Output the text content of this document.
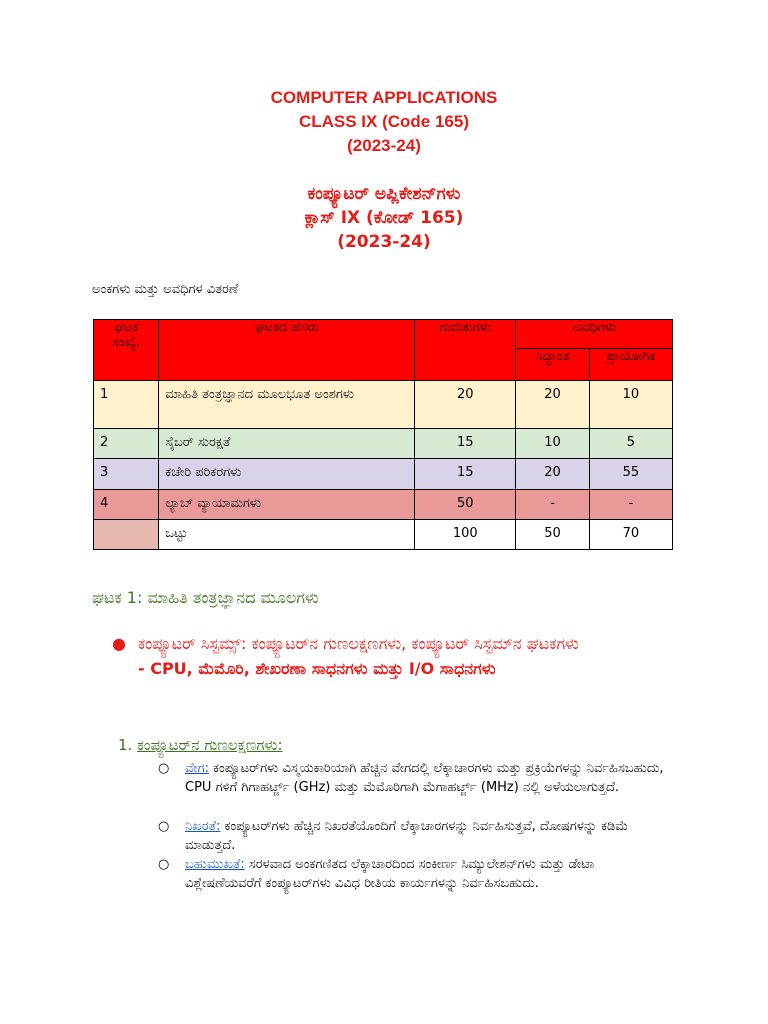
COMPUTER APPLICATIONS
CLASS IX (Code 165)
(2023-24)
ಕಂಪ್ಯೂಟರ್ ಅಪ್ಲಿಕೇಶನ್‌ಗಳು
ಕ್ಲಾಸ್ IX (ಕೋಡ್ 165)
(2023-24)
ಅಂಕಗಳು ಮತ್ತು ಅವಧಿಗಳ ವಿತರಣೆ
ಘಟಕ ಸಂಖ್ಯೆ.	ಘಟಕದ ಹೆಸರು	ಗುರುತುಗಳು	ಅವಧಿಗಳು	
			ಸಿದ್ಧಾಂತ	ಪ್ರಾಯೋಗಿಕ
1	ಮಾಹಿತಿ ತಂತ್ರಜ್ಞಾನದ ಮೂಲಭೂತ ಅಂಶಗಳು	20	20	10
2	ಸೈಬರ್ ಸುರಕ್ಷತೆ	15	10	5
3	ಕಚೇರಿ ಪರಿಕರಗಳು	15	20	55
4	ಲ್ಯಾಬ್ ವ್ಯಾಯಾಮಗಳು	50	-	-
	ಒಟ್ಟು	100	50	70
ಘಟಕ 1: ಮಾಹಿತಿ ತಂತ್ರಜ್ಞಾನದ ಮೂಲಗಳು
● ಕಂಪ್ಯೂಟರ್ ಸಿಸ್ಟಮ್ಸ್: ಕಂಪ್ಯೂಟರ್‌ನ ಗುಣಲಕ್ಷಣಗಳು, ಕಂಪ್ಯೂಟರ್ ಸಿಸ್ಟಮ್‌ನ ಘಟಕಗಳು
- CPU, ಮೆಮೊರಿ, ಶೇಖರಣಾ ಸಾಧನಗಳು ಮತ್ತು I/O ಸಾಧನಗಳು
1. ಕಂಪ್ಯೂಟರ್‌ನ ಗುಣಲಕ್ಷಣಗಳು:
○ ವೇಗ: ಕಂಪ್ಯೂಟರ್‌ಗಳು ವಿಸ್ಮಯಕಾರಿಯಾಗಿ ಹೆಚ್ಚಿನ ವೇಗದಲ್ಲಿ ಲೆಕ್ಕಾಚಾರಗಳು ಮತ್ತು ಪ್ರಕ್ರಿಯೆಗಳನ್ನು ನಿರ್ವಹಿಸಬಹುದು, CPU ಗಳಿಗೆ ಗಿಗಾಹರ್ಟ್ಜ್ (GHz) ಮತ್ತು ಮೆಮೊರಿಗಾಗಿ ಮೆಗಾಹರ್ಟ್ಜ್ (MHz) ನಲ್ಲಿ ಅಳೆಯಲಾಗುತ್ತದೆ.
○ ನಿಖರತೆ: ಕಂಪ್ಯೂಟರ್‌ಗಳು ಹೆಚ್ಚಿನ ನಿಖರತೆಯೊಂದಿಗೆ ಲೆಕ್ಕಾಚಾರಗಳನ್ನು ನಿರ್ವಹಿಸುತ್ತವೆ, ದೋಷಗಳನ್ನು ಕಡಿಮೆ ಮಾಡುತ್ತದೆ.
○ ಬಹುಮುಖತೆ: ಸರಳವಾದ ಅಂಕಗಣಿತದ ಲೆಕ್ಕಾಚಾರದಿಂದ ಸಂಕೀರ್ಣ ಸಿಮ್ಯುಲೇಶನ್‌ಗಳು ಮತ್ತು ಡೇಟಾ ವಿಶ್ಲೇಷಣೆಯವರೆಗೆ ಕಂಪ್ಯೂಟರ್‌ಗಳು ವಿವಿಧ ರೀತಿಯ ಕಾರ್ಯಗಳನ್ನು ನಿರ್ವಹಿಸಬಹುದು.
